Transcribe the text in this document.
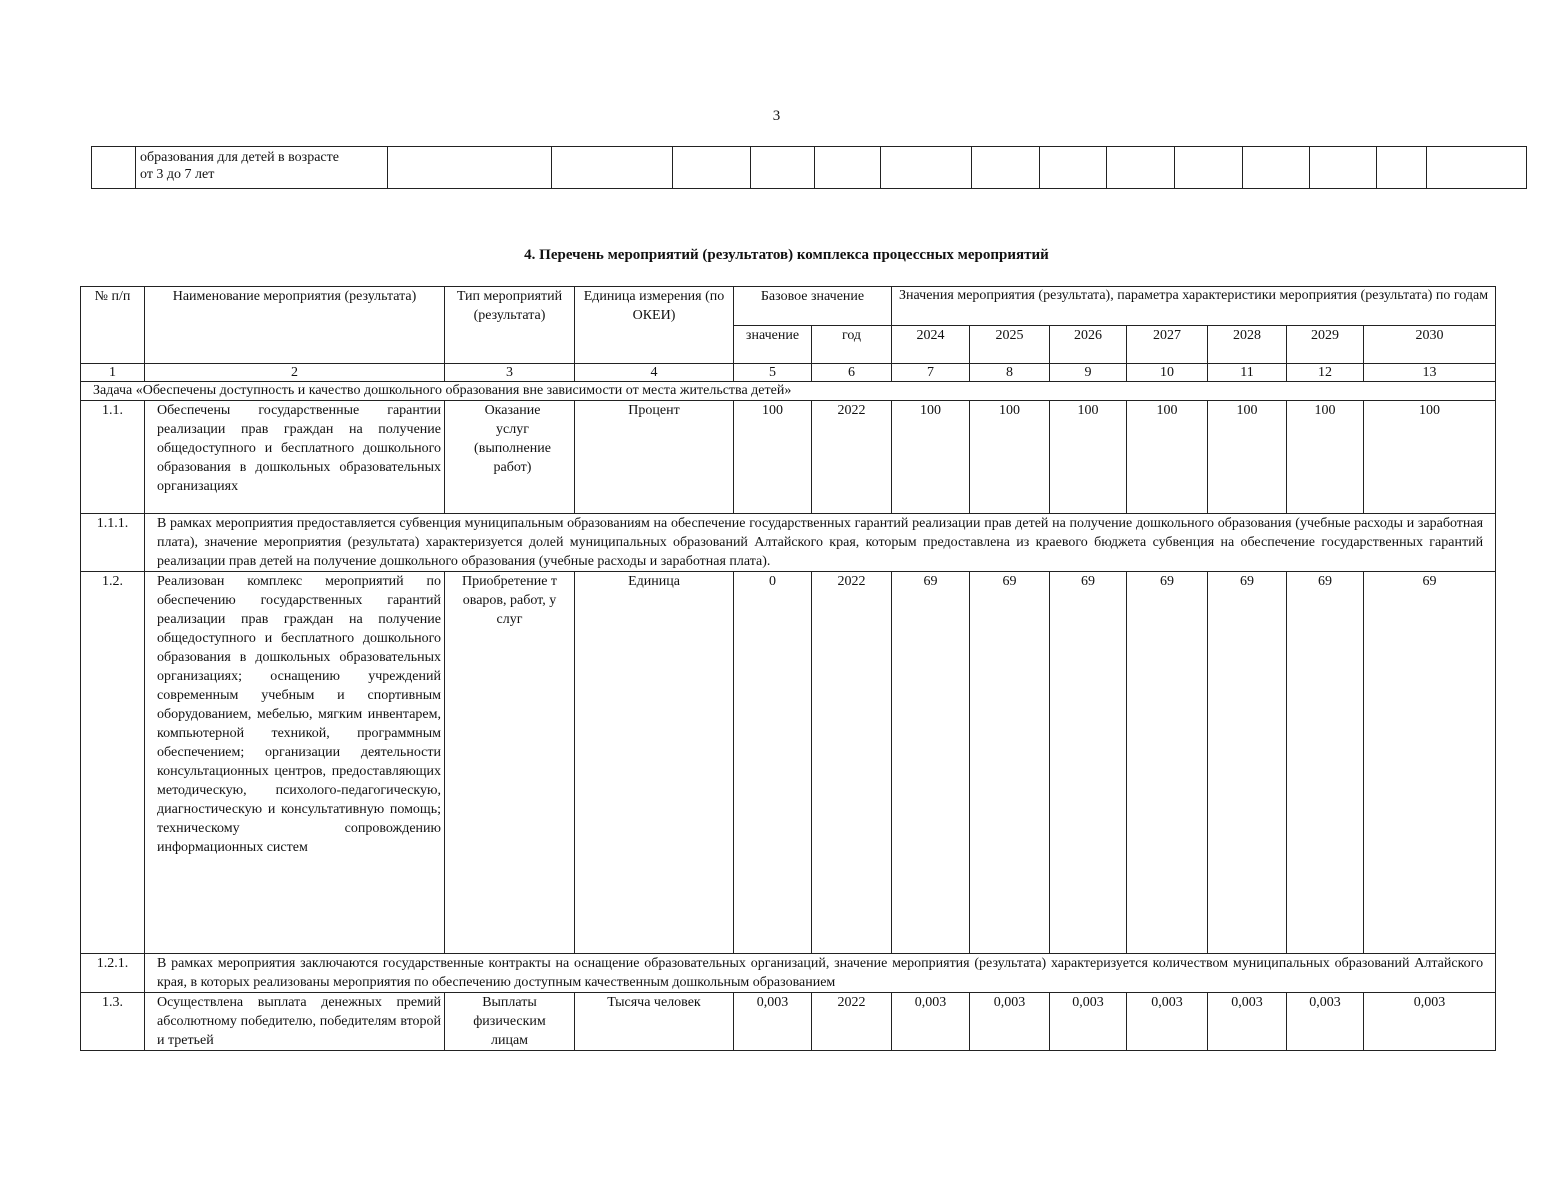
3
	образования для детей в возрасте
от 3 до 7 лет														
4. Перечень мероприятий (результатов) комплекса процессных мероприятий
№ п/п	Наименование мероприятия (результата)	Тип мероприятий (результата)	Единица измерения (по ОКЕИ)	Базовое значение		Значения мероприятия (результата), параметра характеристики мероприятия (результата) по годам						
				значение	год	2024	2025	2026	2027	2028	2029	2030
1	2	3	4	5	6	7	8	9	10	11	12	13
Задача «Обеспечены доступность и качество дошкольного образования вне зависимости от места жительства детей»												
1.1.	Обеспечены государственные гарантии реализации прав граждан на получение общедоступного и бесплатного дошкольного образования в дошкольных образовательных организациях	Оказание услуг (выполнение работ)	Процент	100	2022	100	100	100	100	100	100	100
1.1.1.	В рамках мероприятия предоставляется субвенция муниципальным образованиям на обеспечение государственных гарантий реализации прав детей на получение дошкольного образования (учебные расходы и заработная плата), значение мероприятия (результата) характеризуется долей муниципальных образований Алтайского края, которым предоставлена из краевого бюджета субвенция на обеспечение государственных гарантий реализации прав детей на получение дошкольного образования (учебные расходы и заработная плата).											
1.2.	Реализован комплекс мероприятий по обеспечению государственных гарантий реализации прав граждан на получение общедоступного и бесплатного дошкольного образования в дошкольных образовательных организациях; оснащению учреждений современным учебным и спортивным оборудованием, мебелью, мягким инвентарем, компьютерной техникой, программным обеспечением; организации деятельности консультационных центров, предоставляющих методическую, психолого-педагогическую, диагностическую и консультативную помощь; техническому сопровождению информационных систем	Приобретение товаров, работ, услуг	Единица	0	2022	69	69	69	69	69	69	69
1.2.1.	В рамках мероприятия заключаются государственные контракты на оснащение образовательных организаций, значение мероприятия (результата) характеризуется количеством муниципальных образований Алтайского края, в которых реализованы мероприятия по обеспечению доступным качественным дошкольным образованием											
1.3.	Осуществлена выплата денежных премий абсолютному победителю, победителям второй и третьей	Выплаты физическим лицам	Тысяча человек	0,003	2022	0,003	0,003	0,003	0,003	0,003	0,003	0,003
